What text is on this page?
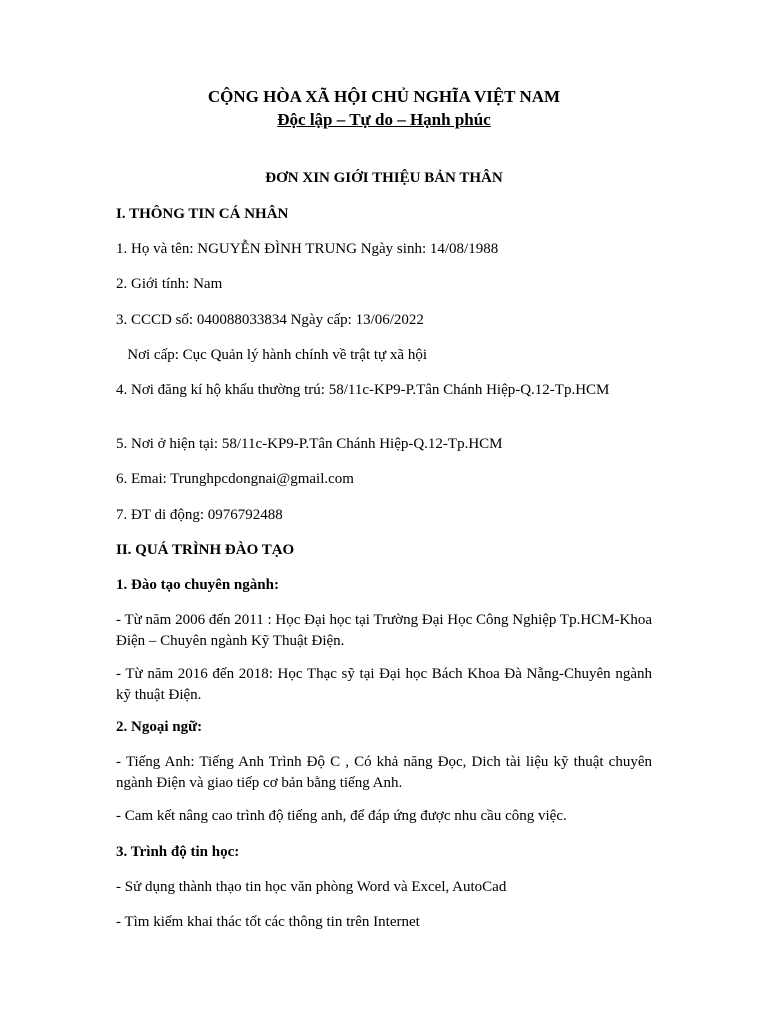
CỘNG HÒA XÃ HỘI CHỦ NGHĨA VIỆT NAM
Độc lập – Tự do – Hạnh phúc
ĐƠN XIN GIỚI THIỆU BẢN THÂN
I. THÔNG TIN CÁ NHÂN
1. Họ và tên: NGUYỄN ĐÌNH TRUNG Ngày sinh: 14/08/1988
2. Giới tính: Nam
3. CCCD số: 040088033834 Ngày cấp: 13/06/2022
Nơi cấp: Cục Quản lý hành chính về trật tự xã hội
4. Nơi đăng kí hộ khẩu thường trú: 58/11c-KP9-P.Tân Chánh Hiệp-Q.12-Tp.HCM
5. Nơi ở hiện tại: 58/11c-KP9-P.Tân Chánh Hiệp-Q.12-Tp.HCM
6. Emai: Trunghpcdongnai@gmail.com
7. ĐT di động: 0976792488
II. QUÁ TRÌNH ĐÀO TẠO
1. Đào tạo chuyên ngành:
- Từ năm 2006 đến 2011 : Học Đại học tại Trường Đại Học Công Nghiệp Tp.HCM-Khoa Điện – Chuyên ngành Kỹ Thuật Điện.
- Từ năm 2016 đến 2018: Học Thạc sỹ tại Đại học Bách Khoa Đà Nẵng-Chuyên ngành kỹ thuật Điện.
2. Ngoại ngữ:
- Tiếng Anh: Tiếng Anh Trình Độ C , Có khả năng Đọc, Dich tài liệu kỹ thuật chuyên ngành Điện và giao tiếp cơ bản bằng tiếng Anh.
- Cam kết nâng cao trình độ tiếng anh, để đáp ứng được nhu cầu công việc.
3. Trình độ tin học:
- Sử dụng thành thạo tin học văn phòng Word và Excel, AutoCad
- Tìm kiếm khai thác tốt các thông tin trên Internet
